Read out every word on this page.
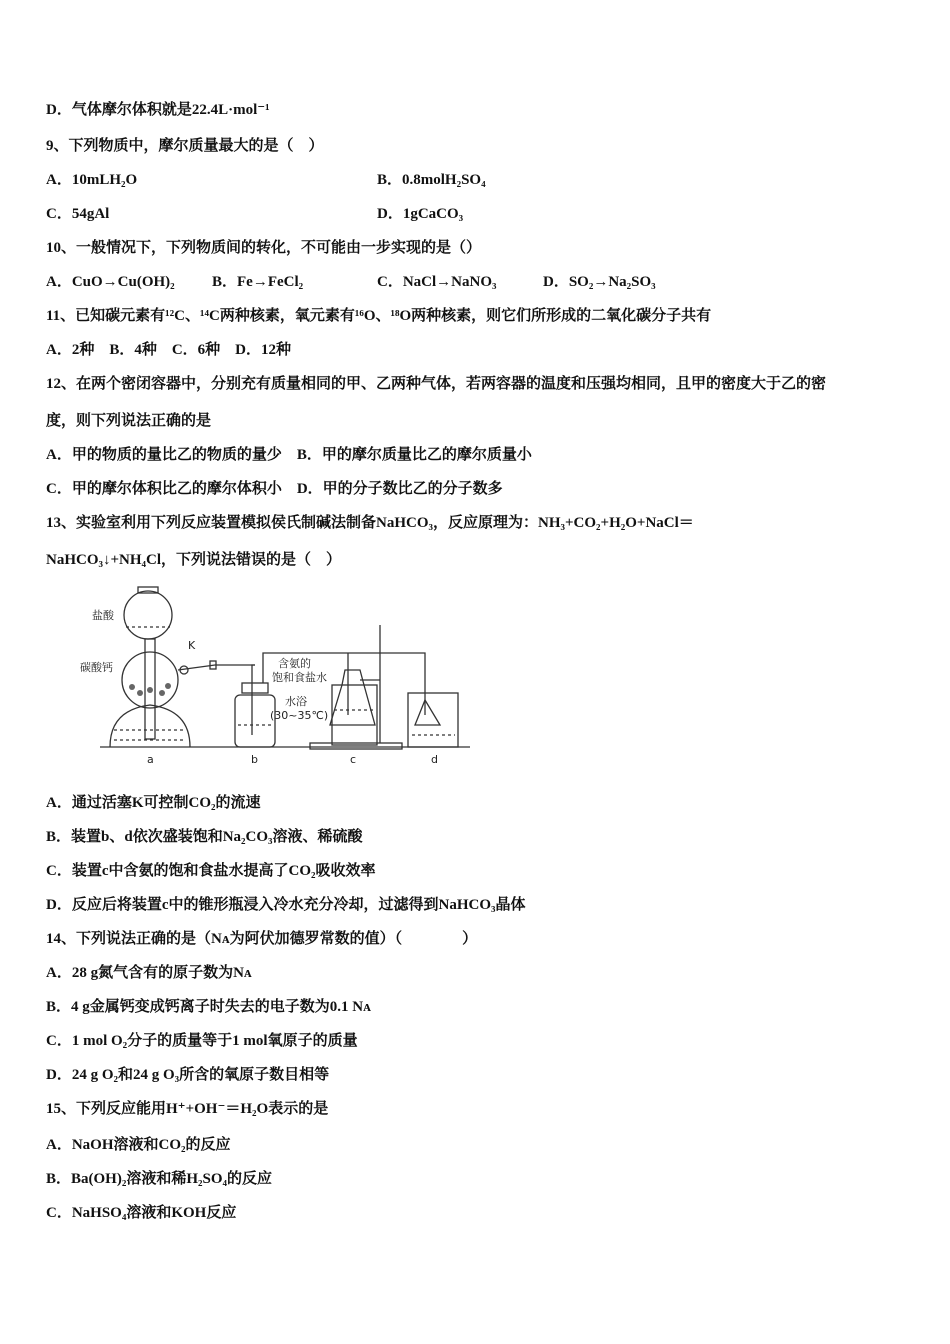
D．气体摩尔体积就是22.4L·mol⁻¹
9、下列物质中，摩尔质量最大的是（　）
A．10mLH₂O	B．0.8molH₂SO₄
C．54gAl	D．1gCaCO₃
10、一般情况下，下列物质间的转化，不可能由一步实现的是（）
A．CuO→Cu(OH)₂ B．Fe→FeCl₂	C．NaCl→NaNO₃	D．SO₂→Na₂SO₃
11、已知碳元素有¹²C、¹⁴C两种核素，氧元素有¹⁶O、¹⁸O两种核素，则它们所形成的二氧化碳分子共有
A．2种　B．4种　C．6种　D．12种
12、在两个密闭容器中，分别充有质量相同的甲、乙两种气体，若两容器的温度和压强均相同，且甲的密度大于乙的密
度，则下列说法正确的是
A．甲的物质的量比乙的物质的量少　B．甲的摩尔质量比乙的摩尔质量小
C．甲的摩尔体积比乙的摩尔体积小　D．甲的分子数比乙的分子数多
13、实验室利用下列反应装置模拟侯氏制碱法制备NaHCO₃，反应原理为：NH₃+CO₂+H₂O+NaCl＝
NaHCO₃↓+NH₄Cl，下列说法错误的是（　）
盐酸
碳酸钙
K
含氨的
饱和食盐水
水浴
(30~35℃)
a	b	c	d
A．通过活塞K可控制CO₂的流速
B．装置b、d依次盛装饱和Na₂CO₃溶液、稀硫酸
C．装置c中含氨的饱和食盐水提高了CO₂吸收效率
D．反应后将装置c中的锥形瓶浸入冷水充分冷却，过滤得到NaHCO₃晶体
14、下列说法正确的是（Nᴀ为阿伏加德罗常数的值）（　　　　）
A．28 g氮气含有的原子数为Nᴀ
B．4 g金属钙变成钙离子时失去的电子数为0.1 Nᴀ
C．1 mol O₂分子的质量等于1 mol氧原子的质量
D．24 g O₂和24 g O₃所含的氧原子数目相等
15、下列反应能用H⁺+OH⁻＝H₂O表示的是
A．NaOH溶液和CO₂的反应
B．Ba(OH)₂溶液和稀H₂SO₄的反应
C．NaHSO₄溶液和KOH反应
